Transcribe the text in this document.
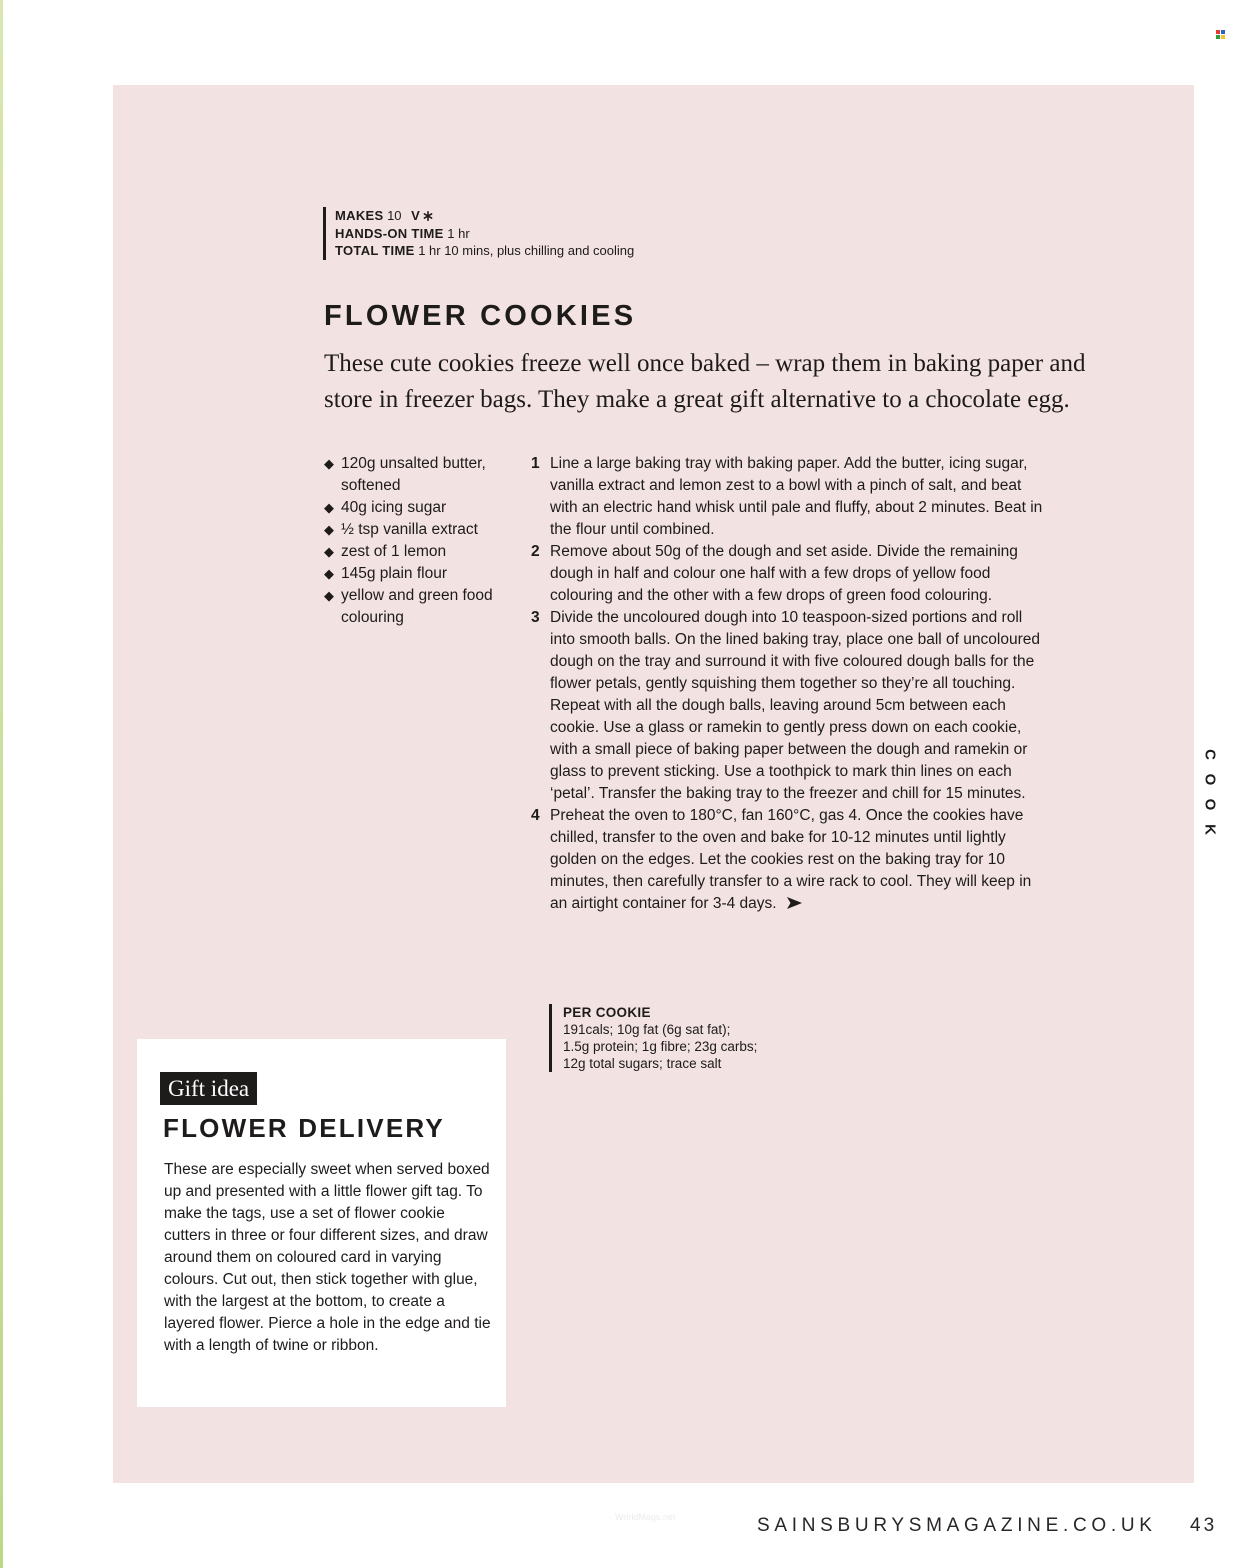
MAKES 10 V
HANDS-ON TIME 1 hr
TOTAL TIME 1 hr 10 mins, plus chilling and cooling
FLOWER COOKIES

These cute cookies freeze well once baked – wrap them in baking paper and store in freezer bags. They make a great gift alternative to a chocolate egg.

◆ 120g unsalted butter, softened
◆ 40g icing sugar
◆ ½ tsp vanilla extract
◆ zest of 1 lemon
◆ 145g plain flour
◆ yellow and green food colouring
1 Line a large baking tray with baking paper. Add the butter, icing sugar, vanilla extract and lemon zest to a bowl with a pinch of salt, and beat with an electric hand whisk until pale and fluffy, about 2 minutes. Beat in the flour until combined.
2 Remove about 50g of the dough and set aside. Divide the remaining dough in half and colour one half with a few drops of yellow food colouring and the other with a few drops of green food colouring.
3 Divide the uncoloured dough into 10 teaspoon-sized portions and roll into smooth balls. On the lined baking tray, place one ball of uncoloured dough on the tray and surround it with five coloured dough balls for the flower petals, gently squishing them together so they’re all touching. Repeat with all the dough balls, leaving around 5cm between each cookie. Use a glass or ramekin to gently press down on each cookie, with a small piece of baking paper between the dough and ramekin or glass to prevent sticking. Use a toothpick to mark thin lines on each ‘petal’. Transfer the baking tray to the freezer and chill for 15 minutes.
4 Preheat the oven to 180°C, fan 160°C, gas 4. Once the cookies have chilled, transfer to the oven and bake for 10-12 minutes until lightly golden on the edges. Let the cookies rest on the baking tray for 10 minutes, then carefully transfer to a wire rack to cool. They will keep in an airtight container for 3-4 days.
PER COOKIE
191cals; 10g fat (6g sat fat);
1.5g protein; 1g fibre; 23g carbs;
12g total sugars; trace salt
Gift idea
FLOWER DELIVERY

These are especially sweet when served boxed up and presented with a little flower gift tag. To make the tags, use a set of flower cookie cutters in three or four different sizes, and draw around them on coloured card in varying colours. Cut out, then stick together with glue, with the largest at the bottom, to create a layered flower. Pierce a hole in the edge and tie with a length of twine or ribbon.

C
O
O
K
WorldMags.net	SAINSBURYSMAGAZINE.CO.UK 43
